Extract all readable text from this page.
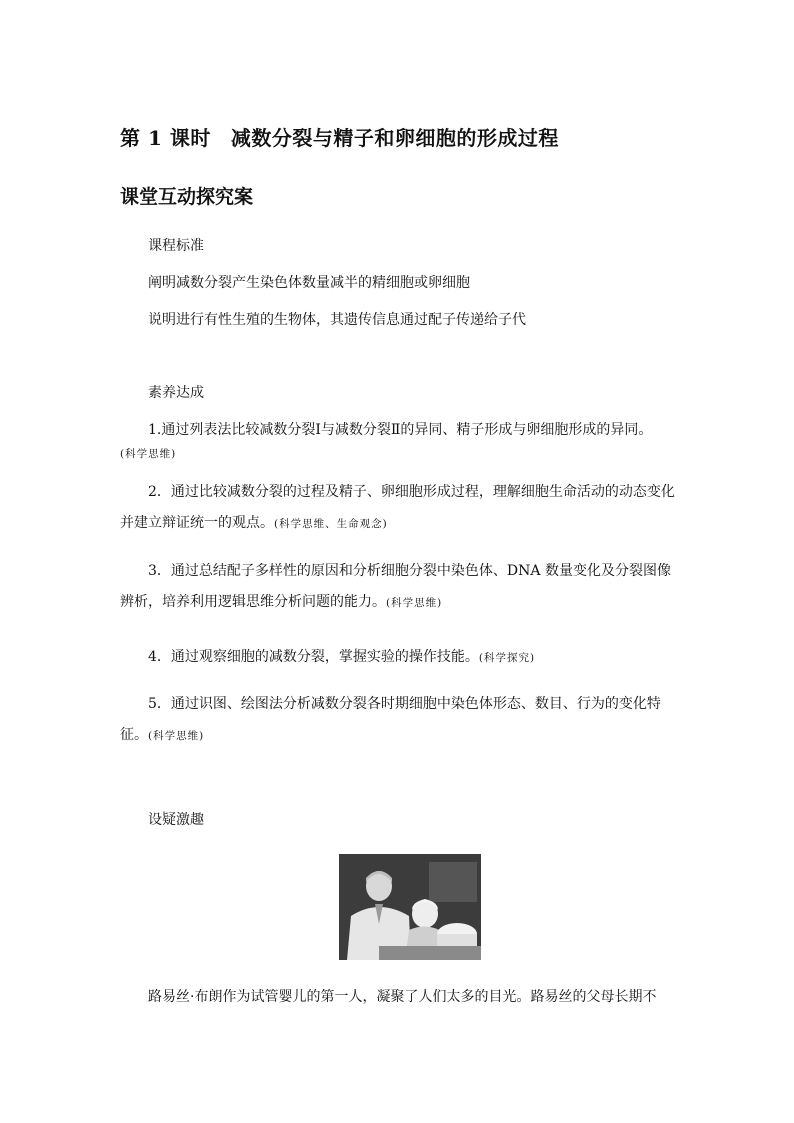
第 1 课时 减数分裂与精子和卵细胞的形成过程
课堂互动探究案
课程标准
阐明减数分裂产生染色体数量减半的精细胞或卵细胞
说明进行有性生殖的生物体，其遗传信息通过配子传递给子代
素养达成
1.通过列表法比较减数分裂Ⅰ与减数分裂Ⅱ的异同、精子形成与卵细胞形成的异同。
(科学思维)
2．通过比较减数分裂的过程及精子、卵细胞形成过程，理解细胞生命活动的动态变化
并建立辩证统一的观点。(科学思维、生命观念)
3．通过总结配子多样性的原因和分析细胞分裂中染色体、DNA 数量变化及分裂图像
辨析，培养利用逻辑思维分析问题的能力。(科学思维)
4．通过观察细胞的减数分裂，掌握实验的操作技能。(科学探究)
5．通过识图、绘图法分析减数分裂各时期细胞中染色体形态、数目、行为的变化特
征。(科学思维)
设疑激趣
路易丝·布朗作为试管婴儿的第一人，凝聚了人们太多的目光。路易丝的父母长期不
